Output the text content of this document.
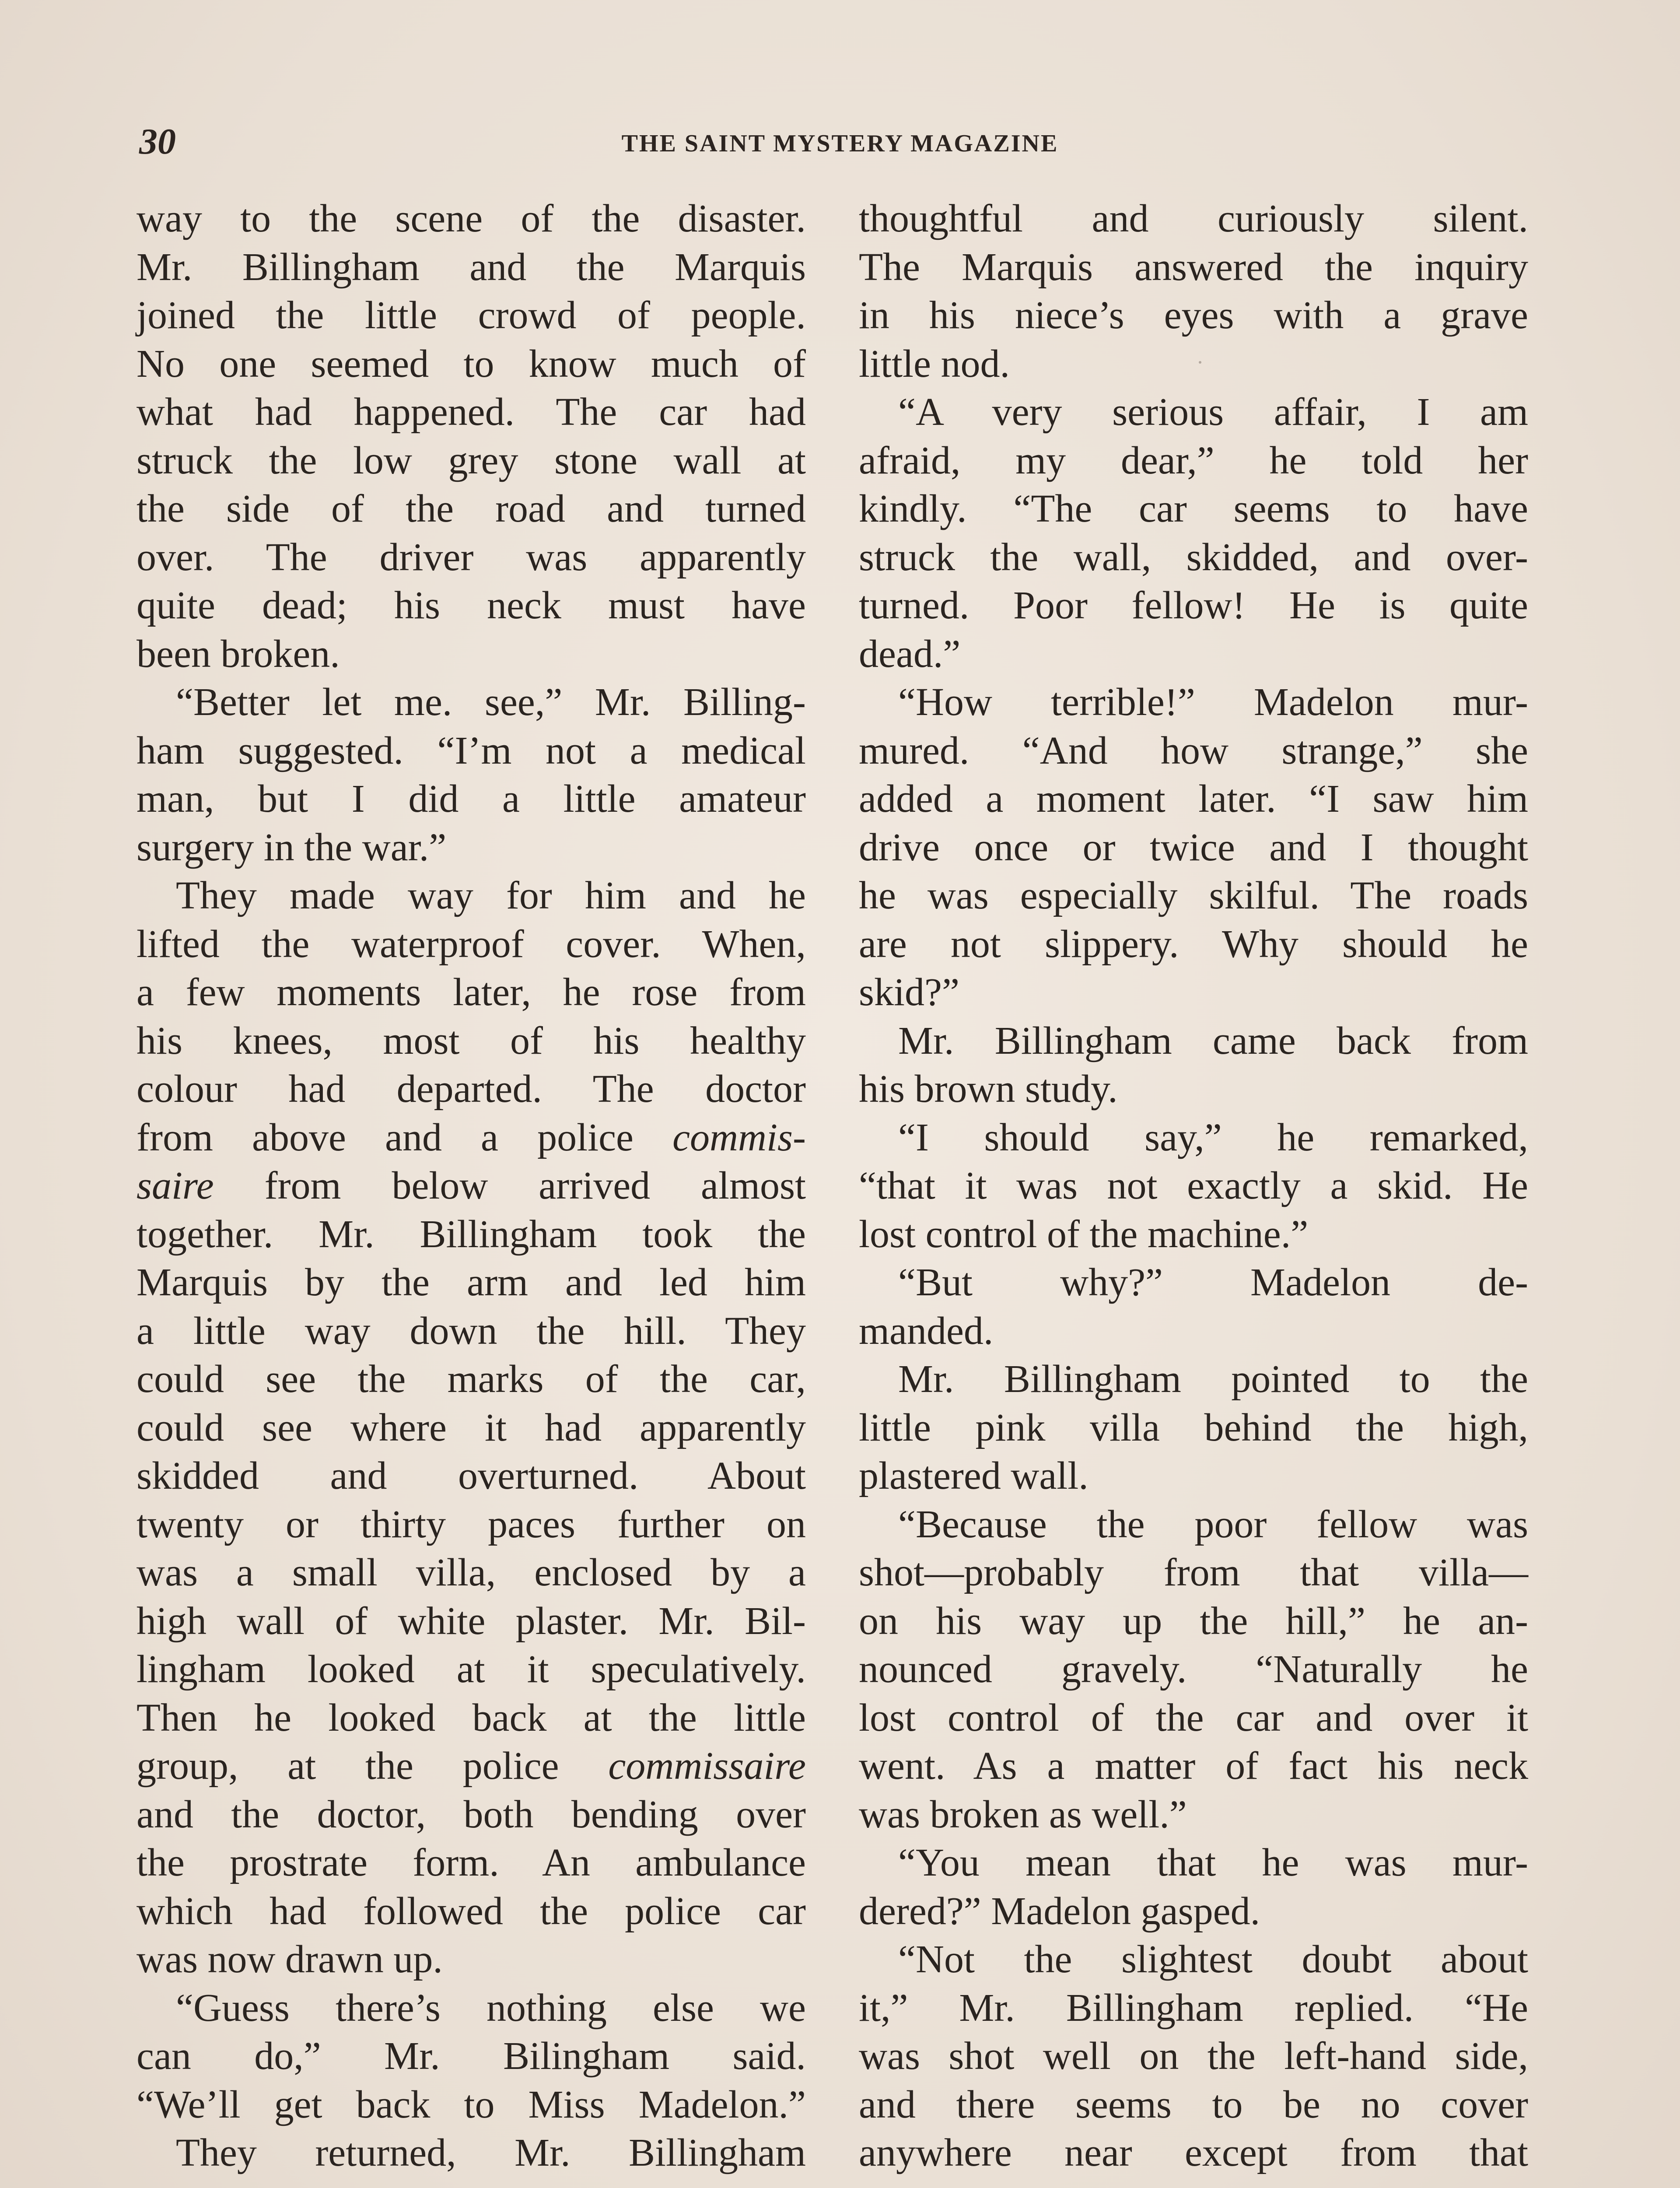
30	THE SAINT MYSTERY MAGAZINE
way to the scene of the disaster.
Mr. Billingham and the Marquis
joined the little crowd of people.
No one seemed to know much of
what had happened. The car had
struck the low grey stone wall at
the side of the road and turned
over. The driver was apparently
quite dead; his neck must have
been broken.
“Better let me. see,” Mr. Billing-
ham suggested. “I’m not a medical
man, but I did a little amateur
surgery in the war.”
They made way for him and he
lifted the waterproof cover. When,
a few moments later, he rose from
his knees, most of his healthy
colour had departed. The doctor
from above and a police commis-
saire from below arrived almost
together. Mr. Billingham took the
Marquis by the arm and led him
a little way down the hill. They
could see the marks of the car,
could see where it had apparently
skidded and overturned. About
twenty or thirty paces further on
was a small villa, enclosed by a
high wall of white plaster. Mr. Bil-
lingham looked at it speculatively.
Then he looked back at the little
group, at the police commissaire
and the doctor, both bending over
the prostrate form. An ambulance
which had followed the police car
was now drawn up.
“Guess there’s nothing else we
can do,” Mr. Bilingham said.
“We’ll get back to Miss Madelon.”
They returned, Mr. Billingham
thoughtful and curiously silent.
The Marquis answered the inquiry
in his niece’s eyes with a grave
little nod.
“A very serious affair, I am
afraid, my dear,” he told her
kindly. “The car seems to have
struck the wall, skidded, and over-
turned. Poor fellow! He is quite
dead.”
“How terrible!” Madelon mur-
mured. “And how strange,” she
added a moment later. “I saw him
drive once or twice and I thought
he was especially skilful. The roads
are not slippery. Why should he
skid?”
Mr. Billingham came back from
his brown study.
“I should say,” he remarked,
“that it was not exactly a skid. He
lost control of the machine.”
“But why?” Madelon de-
manded.
Mr. Billingham pointed to the
little pink villa behind the high,
plastered wall.
“Because the poor fellow was
shot—probably from that villa—
on his way up the hill,” he an-
nounced gravely. “Naturally he
lost control of the car and over it
went. As a matter of fact his neck
was broken as well.”
“You mean that he was mur-
dered?” Madelon gasped.
“Not the slightest doubt about
it,” Mr. Billingham replied. “He
was shot well on the left-hand side,
and there seems to be no cover
anywhere near except from that
